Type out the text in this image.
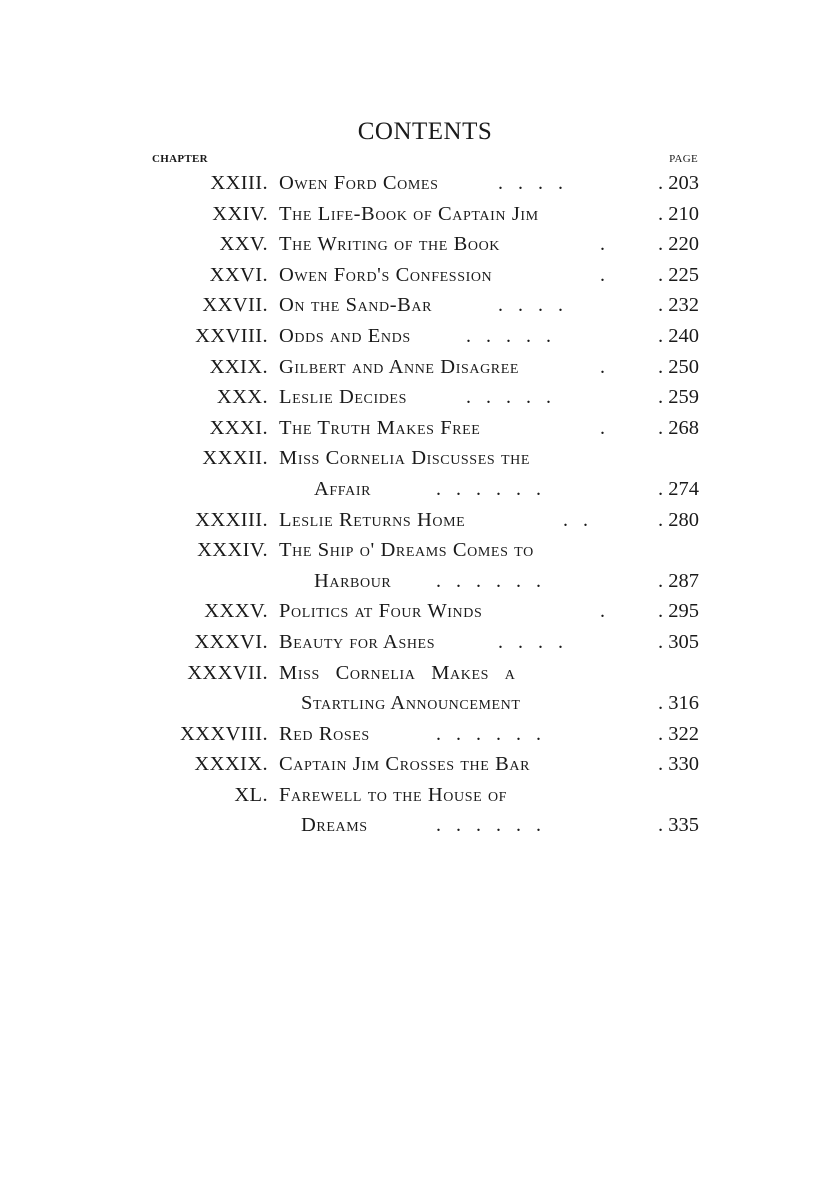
CONTENTS
CHAPTER	PAGE
XXIII. Owen Ford Comes	....	. 203
XXIV. The Life-Book of Captain Jim	. 210
XXV. The Writing of the Book	.	. 220
XXVI. Owen Ford's Confession	.	. 225
XXVII. On the Sand-Bar	....	. 232
XXVIII. Odds and Ends	.....	. 240
XXIX. Gilbert and Anne Disagree	.	. 250
XXX. Leslie Decides	.....	. 259
XXXI. The Truth Makes Free	.	. 268
XXXII. Miss Cornelia Discusses the
Affair	......	. 274
XXXIII. Leslie Returns Home	..	. 280
XXXIV. The Ship o' Dreams Comes to
Harbour ......	. 287
XXXV. Politics at Four Winds	.	. 295
XXXVI. Beauty for Ashes	....	. 305
XXXVII. Miss Cornelia Makes a
Startling Announcement	. 316
XXXVIII. Red Roses	......	. 322
XXXIX. Captain Jim Crosses the Bar	. 330
XL. Farewell to the House of
Dreams	......	. 335
